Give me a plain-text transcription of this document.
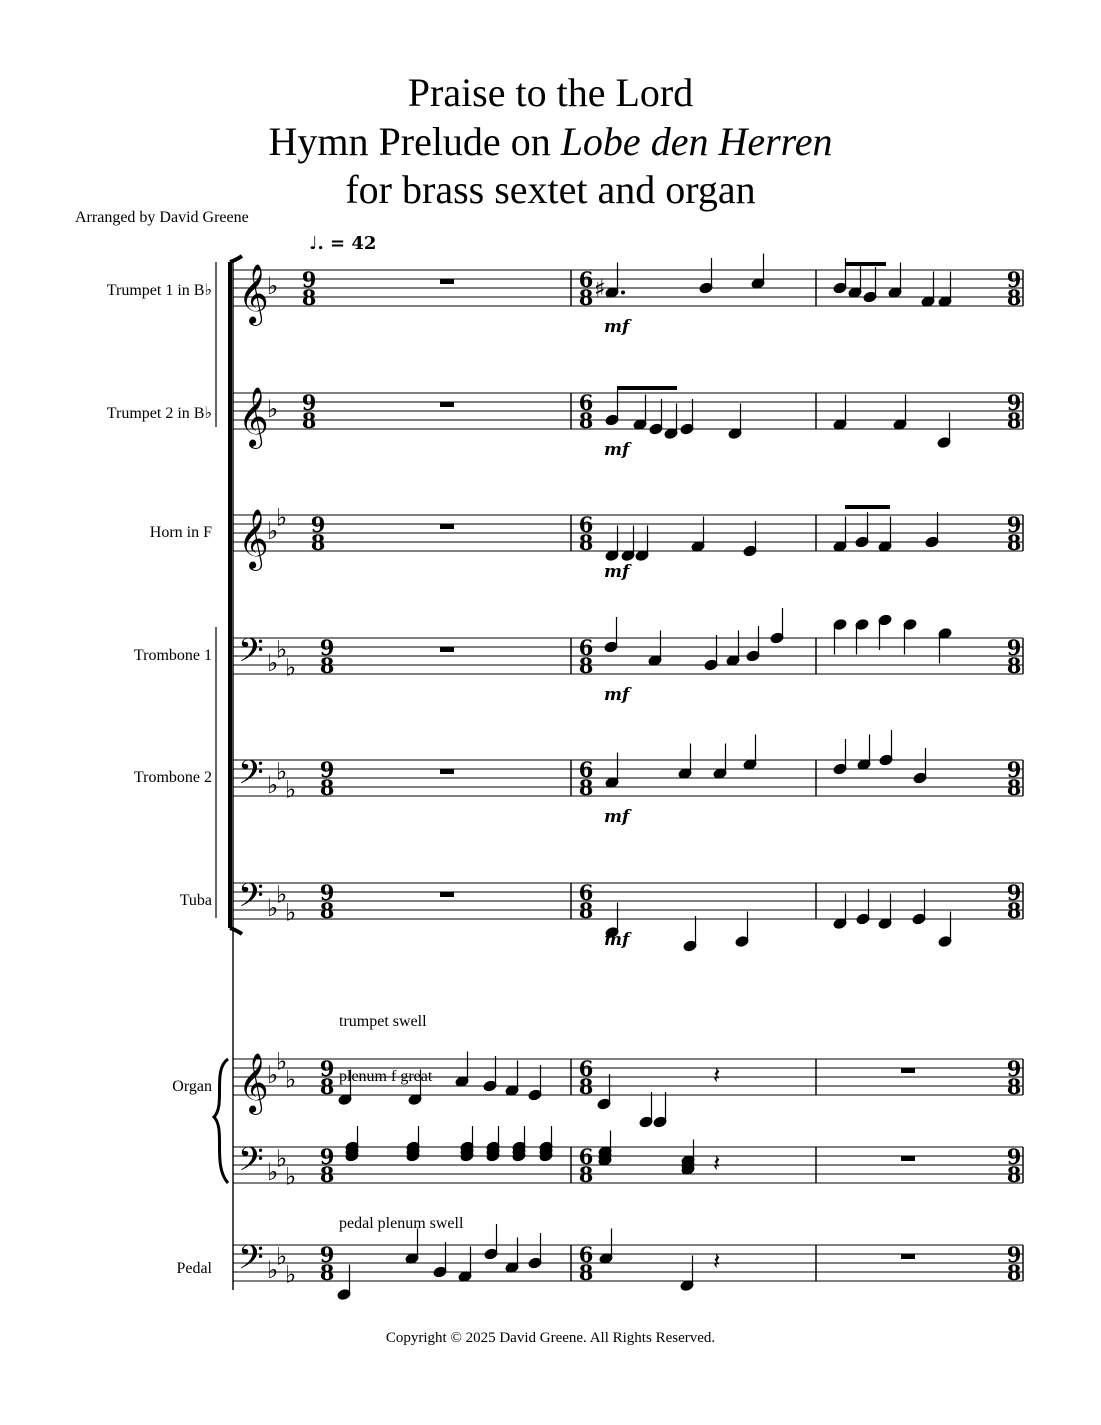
Praise to the Lord
Hymn Prelude on Lobe den Herren
for brass sextet and organ
Arranged by David Greene
♩. = 42
Trumpet 1 in B♭
Trumpet 2 in B♭
Horn in F
Trombone 1
Trombone 2
Tuba
Organ
Pedal
Copyright © 2025 David Greene. All Rights Reserved.
𝄞
♭ 9
8
6
8
9
8
𝄞
♭ 9
8
6
8
9
8
𝄞
♭
♭ 9
8
6
8
9
8
𝄢 ♭
♭
♭
9
8
6
8
9
8
𝄢 ♭
♭
♭
9
8
6
8
9
8
𝄢 ♭
♭
♭
9
8
6
8
9
8
𝄞
♭
♭
♭ 9
8
6
8
9
8
𝄢 ♭
♭
♭
9
8
6
8
9
8
𝄢 ♭
♭
♭
9
8
6
8
9
8
♯
𝄽
𝄽
𝄽
mf
mf
mf
mf
mf
mf
trumpet swell
plenum f great
pedal plenum swell
